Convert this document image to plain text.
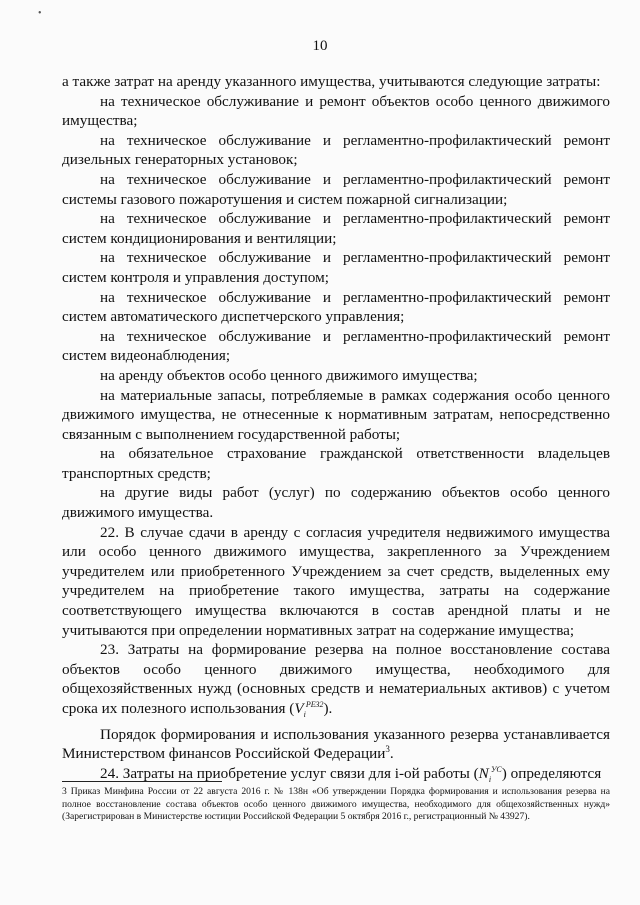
•
10

а также затрат на аренду указанного имущества, учитываются следующие затраты:

на техническое обслуживание и ремонт объектов особо ценного движимого имущества;

на техническое обслуживание и регламентно-профилактический ремонт дизельных генераторных установок;

на техническое обслуживание и регламентно-профилактический ремонт системы газового пожаротушения и систем пожарной сигнализации;

на техническое обслуживание и регламентно-профилактический ремонт систем кондиционирования и вентиляции;

на техническое обслуживание и регламентно-профилактический ремонт систем контроля и управления доступом;

на техническое обслуживание и регламентно-профилактический ремонт систем автоматического диспетчерского управления;

на техническое обслуживание и регламентно-профилактический ремонт систем видеонаблюдения;

на аренду объектов особо ценного движимого имущества;

на материальные запасы, потребляемые в рамках содержания особо ценного движимого имущества, не отнесенные к нормативным затратам, непосредственно связанным с выполнением государственной работы;

на обязательное страхование гражданской ответственности владельцев транспортных средств;

на другие виды работ (услуг) по содержанию объектов особо ценного движимого имущества.

22. В случае сдачи в аренду с согласия учредителя недвижимого имущества или особо ценного движимого имущества, закрепленного за Учреждением учредителем или приобретенного Учреждением за счет средств, выделенных ему учредителем на приобретение такого имущества, затраты на содержание соответствующего имущества включаются в состав арендной платы и не учитываются при определении нормативных затрат на содержание имущества;

23. Затраты на формирование резерва на полное восстановление состава объектов особо ценного движимого имущества, необходимого для общехозяйственных нужд (основных средств и нематериальных активов) с учетом срока их полезного использования $(V_i^{РЕЗ2})$.

Порядок формирования и использования указанного резерва устанавливается Министерством финансов Российской Федерации$^3$.

24. Затраты на приобретение услуг связи для i-ой работы $(N_i^{УС})$ определяются

3 Приказ Минфина России от 22 августа 2016 г. № 138н «Об утверждении Порядка формирования и использования резерва на полное восстановление состава объектов особо ценного движимого имущества, необходимого для общехозяйственных нужд» (Зарегистрирован в Министерстве юстиции Российской Федерации 5 октября 2016 г., регистрационный № 43927).
